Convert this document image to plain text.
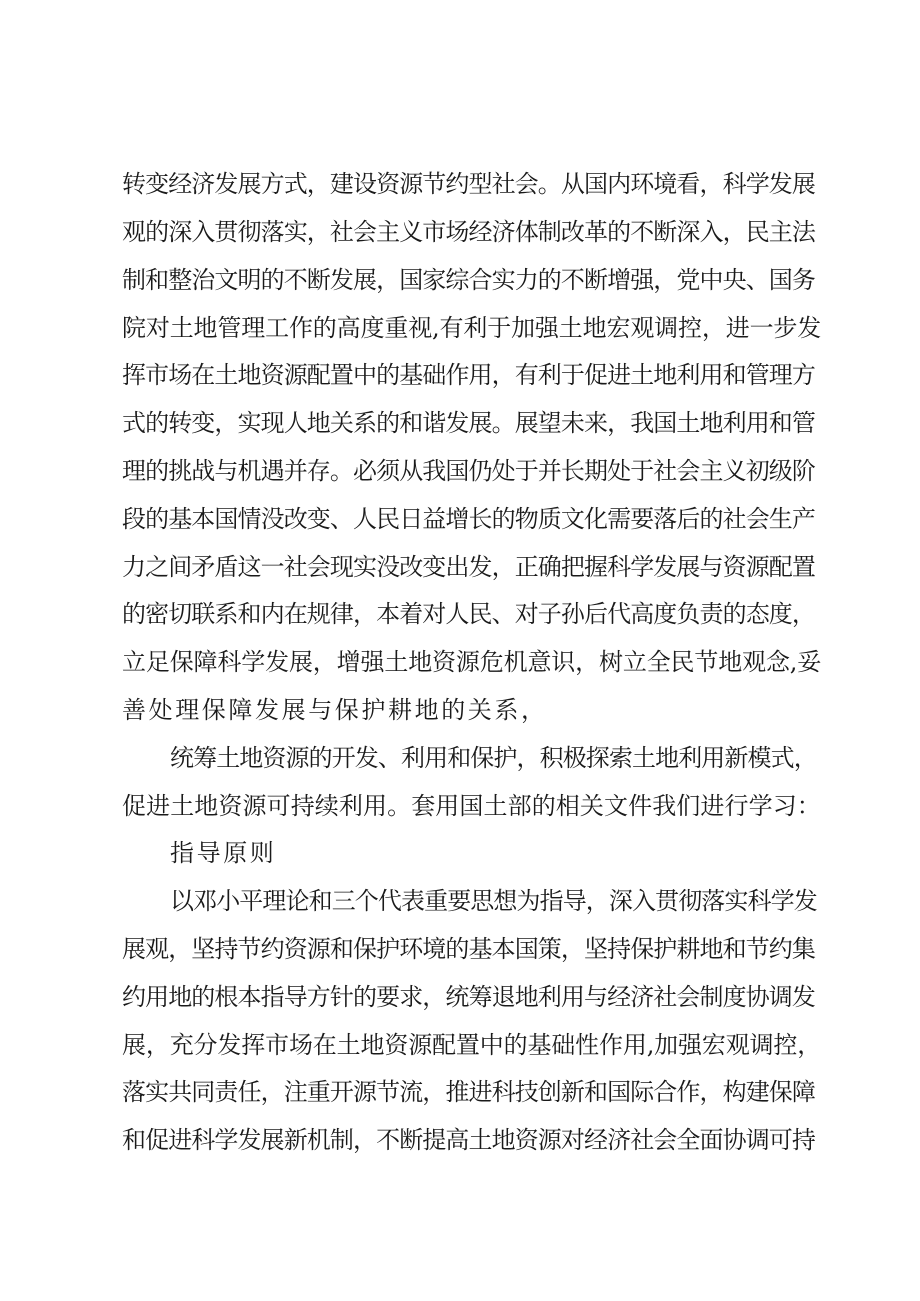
转变经济发展方式，建设资源节约型社会。从国内环境看，科学发展
观的深入贯彻落实，社会主义市场经济体制改革的不断深入，民主法
制和整治文明的不断发展，国家综合实力的不断增强，党中央、国务
院对土地管理工作的高度重视,有利于加强土地宏观调控，进一步发
挥市场在土地资源配置中的基础作用，有利于促进土地利用和管理方
式的转变，实现人地关系的和谐发展。展望未来，我国土地利用和管
理的挑战与机遇并存。必须从我国仍处于并长期处于社会主义初级阶
段的基本国情没改变、人民日益增长的物质文化需要落后的社会生产
力之间矛盾这一社会现实没改变出发，正确把握科学发展与资源配置
的密切联系和内在规律，本着对人民、对子孙后代高度负责的态度，
立足保障科学发展，增强土地资源危机意识，树立全民节地观念,妥
善处理保障发展与保护耕地的关系，
统筹土地资源的开发、利用和保护，积极探索土地利用新模式，
促进土地资源可持续利用。套用国土部的相关文件我们进行学习：
指导原则
以邓小平理论和三个代表重要思想为指导，深入贯彻落实科学发
展观，坚持节约资源和保护环境的基本国策，坚持保护耕地和节约集
约用地的根本指导方针的要求，统筹退地利用与经济社会制度协调发
展，充分发挥市场在土地资源配置中的基础性作用,加强宏观调控，
落实共同责任，注重开源节流，推进科技创新和国际合作，构建保障
和促进科学发展新机制，不断提高土地资源对经济社会全面协调可持
